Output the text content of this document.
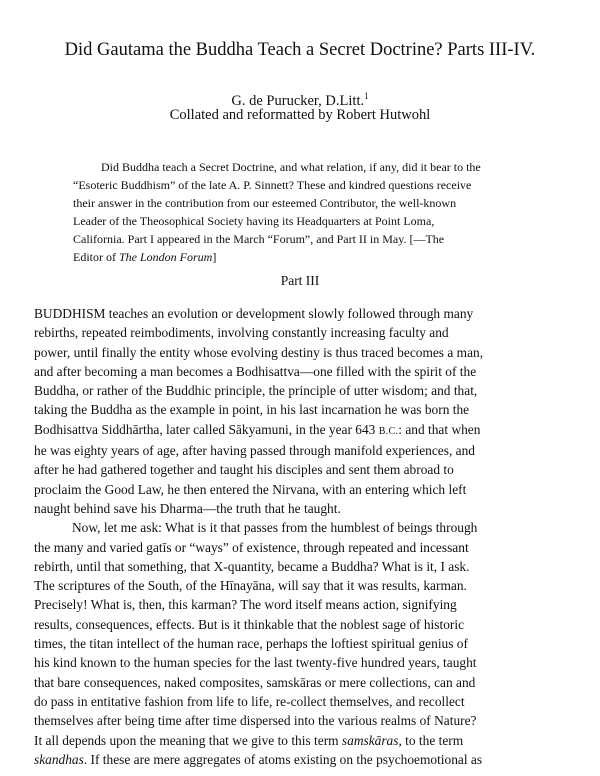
Did Gautama the Buddha Teach a Secret Doctrine? Parts III-IV.
G. de Purucker, D.Litt.$^1$
Collated and reformatted by Robert Hutwohl
Did Buddha teach a Secret Doctrine, and what relation, if any, did it bear to the
“Esoteric Buddhism” of the late A. P. Sinnett? These and kindred questions receive
their answer in the contribution from our esteemed Contributor, the well-known
Leader of the Theosophical Society having its Headquarters at Point Loma,
California. Part I appeared in the March “Forum”, and Part II in May. [—The
Editor of The London Forum]
Part III
BUDDHISM teaches an evolution or development slowly followed through many
rebirths, repeated reimbodiments, involving constantly increasing faculty and
power, until finally the entity whose evolving destiny is thus traced becomes a man,
and after becoming a man becomes a Bodhisattva—one filled with the spirit of the
Buddha, or rather of the Buddhic principle, the principle of utter wisdom; and that,
taking the Buddha as the example in point, in his last incarnation he was born the
Bodhisattva Siddhārtha, later called Sākyamuni, in the year 643 B.C.: and that when
he was eighty years of age, after having passed through manifold experiences, and
after he had gathered together and taught his disciples and sent them abroad to
proclaim the Good Law, he then entered the Nirvana, with an entering which left
naught behind save his Dharma—the truth that he taught.
Now, let me ask: What is it that passes from the humblest of beings through
the many and varied gatīs or “ways” of existence, through repeated and incessant
rebirth, until that something, that X-quantity, became a Buddha? What is it, I ask.
The scriptures of the South, of the Hīnayāna, will say that it was results, karman.
Precisely! What is, then, this karman? The word itself means action, signifying
results, consequences, effects. But is it thinkable that the noblest sage of historic
times, the titan intellect of the human race, perhaps the loftiest spiritual genius of
his kind known to the human species for the last twenty-five hundred years, taught
that bare consequences, naked composites, samskāras or mere collections, can and
do pass in entitative fashion from life to life, re-collect themselves, and recollect
themselves after being time after time dispersed into the various realms of Nature?
It all depends upon the meaning that we give to this term samskāras, to the term
skandhas. If these are mere aggregates of atoms existing on the psychoemotional as
